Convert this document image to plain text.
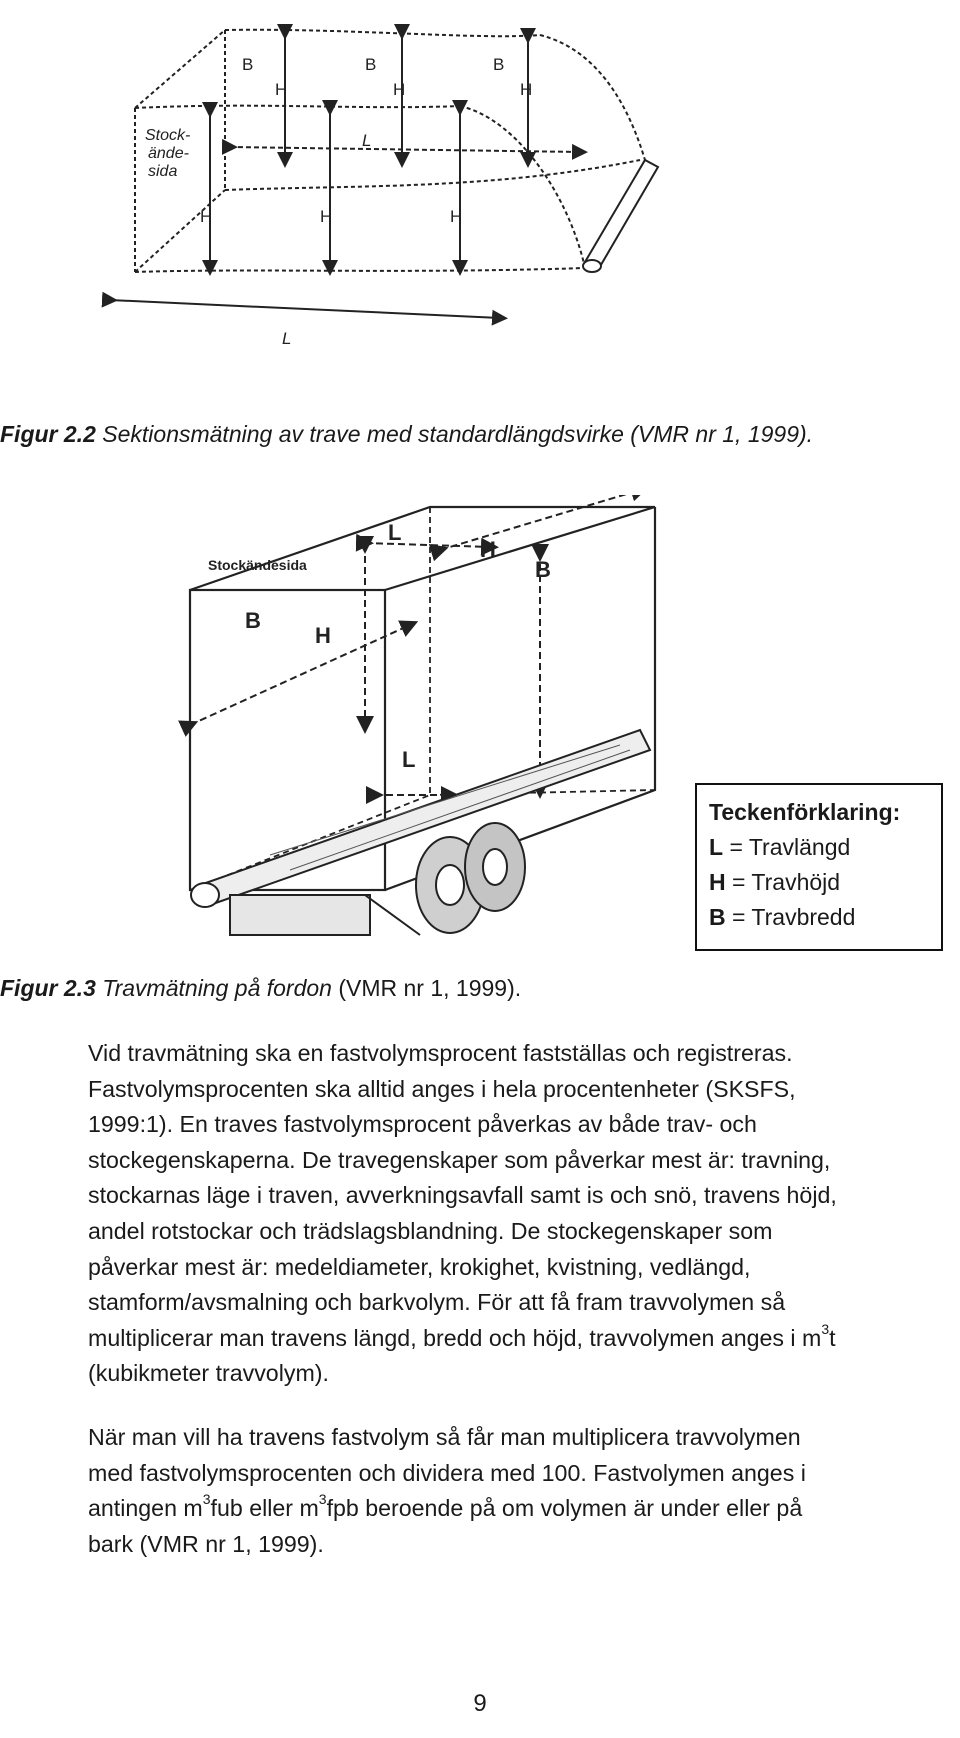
Stock-
ände-
sida
B	B	B
H	H	H
H	H	H
L
L
Figur 2.2 Sektionsmätning av trave med standardlängdsvirke (VMR nr 1, 1999).
Stockändesida
L
H
B
B
H
L
Teckenförklaring:
L = Travlängd
H = Travhöjd
B = Travbredd
Figur 2.3 Travmätning på fordon (VMR nr 1, 1999).
Vid travmätning ska en fastvolymsprocent fastställas och registreras.
Fastvolymsprocenten ska alltid anges i hela procentenheter (SKSFS,
1999:1). En traves fastvolymsprocent påverkas av både trav- och
stockegenskaperna. De travegenskaper som påverkar mest är: travning,
stockarnas läge i traven, avverkningsavfall samt is och snö, travens höjd,
andel rotstockar och trädslagsblandning. De stockegenskaper som
påverkar mest är: medeldiameter, krokighet, kvistning, vedlängd,
stamform/avsmalning och barkvolym. För att få fram travvolymen så
multiplicerar man travens längd, bredd och höjd, travvolymen anges i $m^3t$
(kubikmeter travvolym).
När man vill ha travens fastvolym så får man multiplicera travvolymen
med fastvolymsprocenten och dividera med 100. Fastvolymen anges i
antingen $m^3fub$ eller $m^3fpb$ beroende på om volymen är under eller på
bark (VMR nr 1, 1999).
9
